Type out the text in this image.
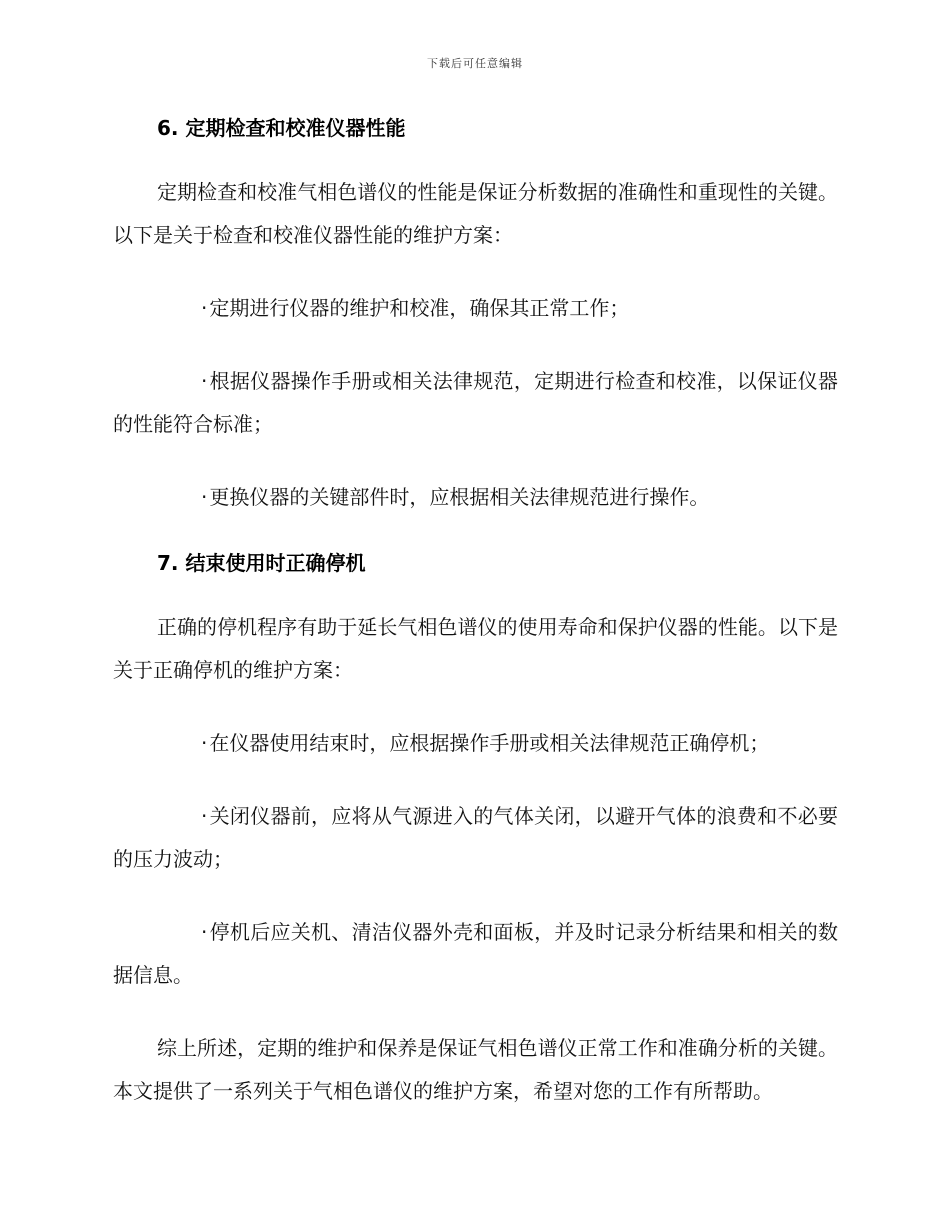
下载后可任意编辑
6. 定期检查和校准仪器性能
定期检查和校准气相色谱仪的性能是保证分析数据的准确性和重现性的关键。以下是关于检查和校准仪器性能的维护方案：
· 定期进行仪器的维护和校准，确保其正常工作；
· 根据仪器操作手册或相关法律规范，定期进行检查和校准，以保证仪器的性能符合标准；
· 更换仪器的关键部件时，应根据相关法律规范进行操作。
7. 结束使用时正确停机
正确的停机程序有助于延长气相色谱仪的使用寿命和保护仪器的性能。以下是关于正确停机的维护方案：
· 在仪器使用结束时，应根据操作手册或相关法律规范正确停机；
· 关闭仪器前，应将从气源进入的气体关闭，以避开气体的浪费和不必要的压力波动；
· 停机后应关机、清洁仪器外壳和面板，并及时记录分析结果和相关的数据信息。
综上所述，定期的维护和保养是保证气相色谱仪正常工作和准确分析的关键。本文提供了一系列关于气相色谱仪的维护方案，希望对您的工作有所帮助。
